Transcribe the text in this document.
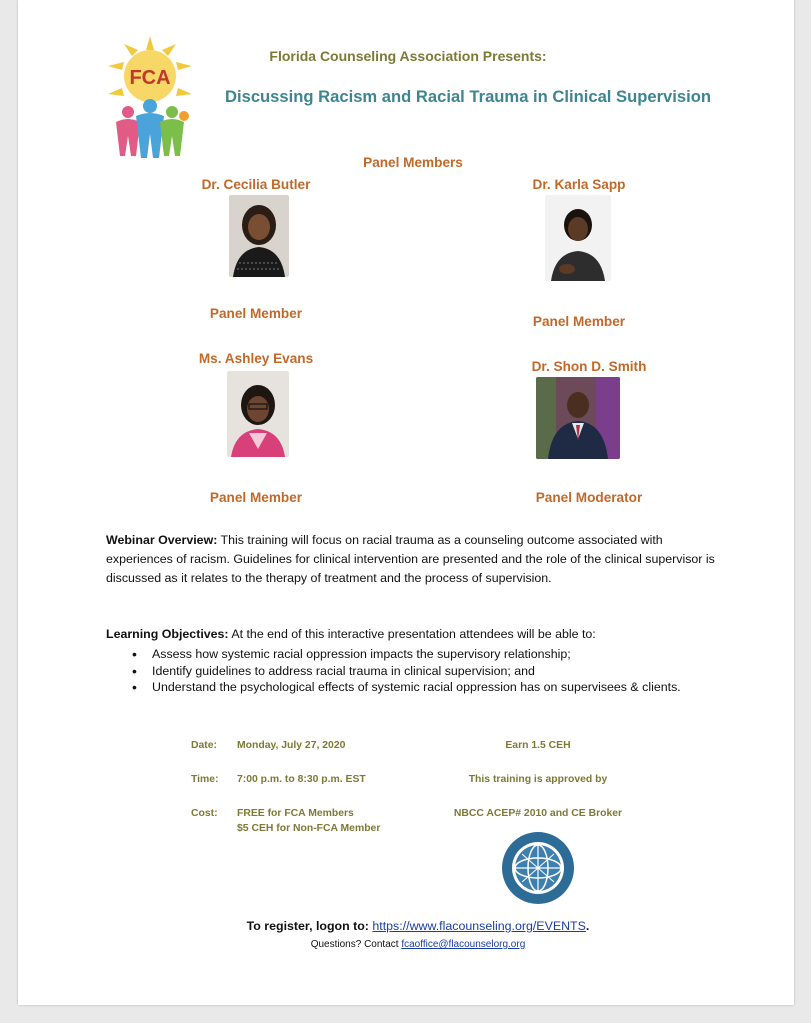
FCA
Florida Counseling Association Presents:
Discussing Racism and Racial Trauma in Clinical Supervision
Panel Members
Dr. Cecilia Butler
Panel Member
Dr. Karla Sapp
Panel Member
Ms. Ashley Evans
Panel Member
Dr. Shon D. Smith
Panel Moderator
Webinar Overview: This training will focus on racial trauma as a counseling outcome associated with experiences of racism. Guidelines for clinical intervention are presented and the role of the clinical supervisor is discussed as it relates to the therapy of treatment and the process of supervision.
Learning Objectives: At the end of this interactive presentation attendees will be able to:
• Assess how systemic racial oppression impacts the supervisory relationship;
• Identify guidelines to address racial trauma in clinical supervision; and
• Understand the psychological effects of systemic racial oppression has on supervisees & clients.
Date: Monday, July 27, 2020
Time: 7:00 p.m. to 8:30 p.m. EST
Cost: FREE for FCA Members
$5 CEH for Non-FCA Member
Earn 1.5 CEH
This training is approved by
NBCC ACEP# 2010 and CE Broker
To register, logon to: https://www.flacounseling.org/EVENTS.
Questions? Contact fcaoffice@flacounselorg.org
